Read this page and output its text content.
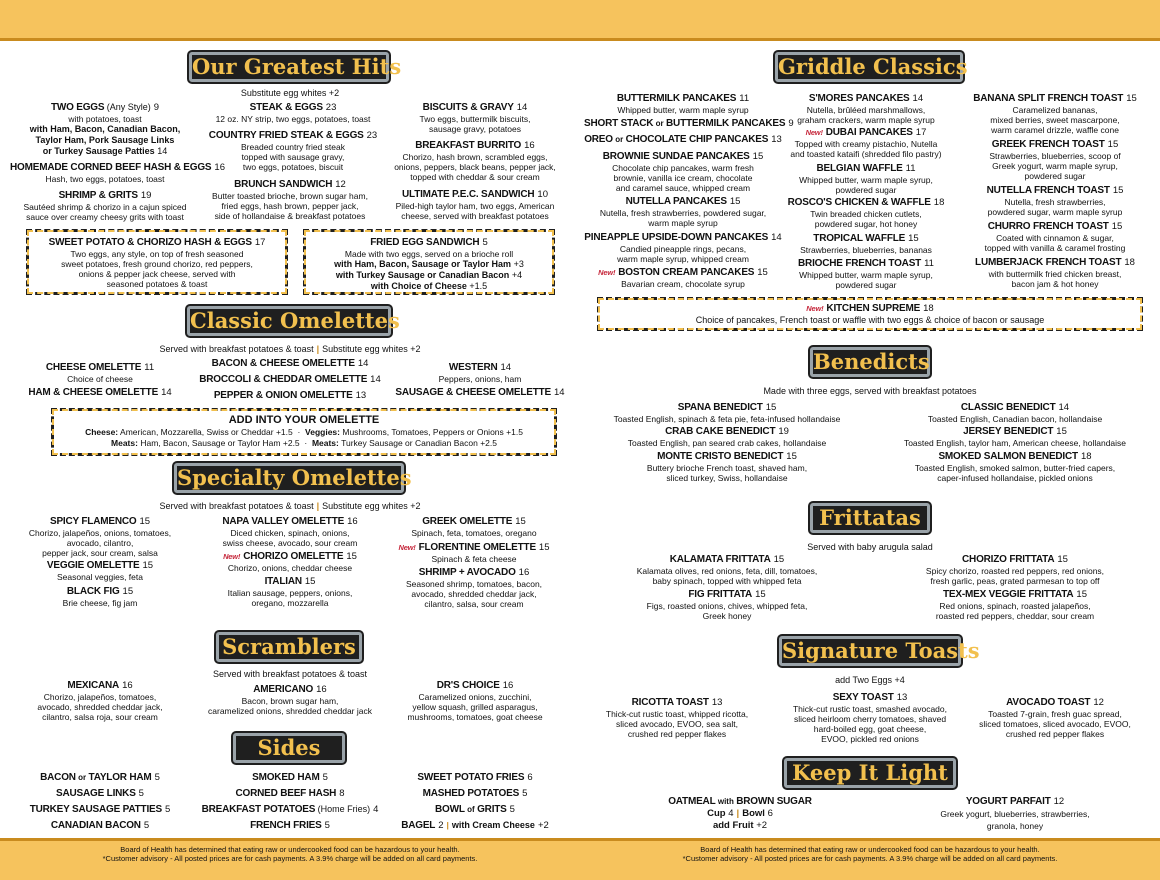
Our Greatest Hits
Substitute egg whites +2
TWO EGGS (Any Style) 9
with potatoes, toast
with Ham, Bacon, Canadian Bacon,
Taylor Ham, Pork Sausage Links
or Turkey Sausage Patties 14
HOMEMADE CORNED BEEF HASH & EGGS 16
Hash, two eggs, potatoes, toast
SHRIMP & GRITS 19
Sautéed shrimp & chorizo in a cajun spiced
sauce over creamy cheesy grits with toast
STEAK & EGGS 23
12 oz. NY strip, two eggs, potatoes, toast
COUNTRY FRIED STEAK & EGGS 23
Breaded country fried steak
topped with sausage gravy,
two eggs, potatoes, biscuit
BRUNCH SANDWICH 12
Butter toasted brioche, brown sugar ham,
fried eggs, hash brown, pepper jack,
side of hollandaise & breakfast potatoes
BISCUITS & GRAVY 14
Two eggs, buttermilk biscuits,
sausage gravy, potatoes
BREAKFAST BURRITO 16
Chorizo, hash brown, scrambled eggs,
onions, peppers, black beans, pepper jack,
topped with cheddar & sour cream
ULTIMATE P.E.C. SANDWICH 10
Piled-high taylor ham, two eggs, American
cheese, served with breakfast potatoes
SWEET POTATO & CHORIZO HASH & EGGS 17
Two eggs, any style, on top of fresh seasoned
sweet potatoes, fresh ground chorizo, red peppers,
onions & pepper jack cheese, served with
seasoned potatoes & toast
FRIED EGG SANDWICH 5
Made with two eggs, served on a brioche roll
with Ham, Bacon, Sausage or Taylor Ham +3
with Turkey Sausage or Canadian Bacon +4
with Choice of Cheese +1.5
Classic Omelettes
Served with breakfast potatoes & toast | Substitute egg whites +2
CHEESE OMELETTE 11
Choice of cheese
HAM & CHEESE OMELETTE 14
BACON & CHEESE OMELETTE 14
BROCCOLI & CHEDDAR OMELETTE 14
PEPPER & ONION OMELETTE 13
WESTERN 14
Peppers, onions, ham
SAUSAGE & CHEESE OMELETTE 14
ADD INTO YOUR OMELETTE
Cheese: American, Mozzarella, Swiss or Cheddar +1.5  ·  Veggies: Mushrooms, Tomatoes, Peppers or Onions +1.5
Meats: Ham, Bacon, Sausage or Taylor Ham +2.5  ·  Meats: Turkey Sausage or Canadian Bacon +2.5
Specialty Omelettes
Served with breakfast potatoes & toast | Substitute egg whites +2
SPICY FLAMENCO 15
Chorizo, jalapeños, onions, tomatoes,
avocado, cilantro,
pepper jack, sour cream, salsa
VEGGIE OMELETTE 15
Seasonal veggies, feta
BLACK FIG 15
Brie cheese, fig jam
NAPA VALLEY OMELETTE 16
Diced chicken, spinach, onions,
swiss cheese, avocado, sour cream
New! CHORIZO OMELETTE 15
Chorizo, onions, cheddar cheese
ITALIAN 15
Italian sausage, peppers, onions,
oregano, mozzarella
GREEK OMELETTE 15
Spinach, feta, tomatoes, oregano
New! FLORENTINE OMELETTE 15
Spinach & feta cheese
SHRIMP + AVOCADO 16
Seasoned shrimp, tomatoes, bacon,
avocado, shredded cheddar jack,
cilantro, salsa, sour cream
Scramblers
Served with breakfast potatoes & toast
MEXICANA 16
Chorizo, jalapeños, tomatoes,
avocado, shredded cheddar jack,
cilantro, salsa roja, sour cream
AMERICANO 16
Bacon, brown sugar ham,
caramelized onions, shredded cheddar jack
DR'S CHOICE 16
Caramelized onions, zucchini,
yellow squash, grilled asparagus,
mushrooms, tomatoes, goat cheese
Sides
BACON or TAYLOR HAM 5
SAUSAGE LINKS 5
TURKEY SAUSAGE PATTIES 5
CANADIAN BACON 5
SMOKED HAM 5
CORNED BEEF HASH 8
BREAKFAST POTATOES (Home Fries) 4
FRENCH FRIES 5
SWEET POTATO FRIES 6
MASHED POTATOES 5
BOWL of GRITS 5
BAGEL 2 | with Cream Cheese +2
Griddle Classics
BUTTERMILK PANCAKES 11
Whipped butter, warm maple syrup
SHORT STACK or BUTTERMILK PANCAKES 9
OREO or CHOCOLATE CHIP PANCAKES 13
BROWNIE SUNDAE PANCAKES 15
Chocolate chip pancakes, warm fresh
brownie, vanilla ice cream, chocolate
and caramel sauce, whipped cream
NUTELLA PANCAKES 15
Nutella, fresh strawberries, powdered sugar,
warm maple syrup
PINEAPPLE UPSIDE-DOWN PANCAKES 14
Candied pineapple rings, pecans,
warm maple syrup, whipped cream
New! BOSTON CREAM PANCAKES 15
Bavarian cream, chocolate syrup
S'MORES PANCAKES 14
Nutella, brûléed marshmallows,
graham crackers, warm maple syrup
New! DUBAI PANCAKES 17
Topped with creamy pistachio, Nutella
and toasted kataifi (shredded filo pastry)
BELGIAN WAFFLE 11
Whipped butter, warm maple syrup,
powdered sugar
ROSCO'S CHICKEN & WAFFLE 18
Twin breaded chicken cutlets,
powdered sugar, hot honey
TROPICAL WAFFLE 15
Strawberries, blueberries, bananas
BRIOCHE FRENCH TOAST 11
Whipped butter, warm maple syrup,
powdered sugar
BANANA SPLIT FRENCH TOAST 15
Caramelized bananas,
mixed berries, sweet mascarpone,
warm caramel drizzle, waffle cone
GREEK FRENCH TOAST 15
Strawberries, blueberries, scoop of
Greek yogurt, warm maple syrup,
powdered sugar
NUTELLA FRENCH TOAST 15
Nutella, fresh strawberries,
powdered sugar, warm maple syrup
CHURRO FRENCH TOAST 15
Coated with cinnamon & sugar,
topped with vanilla & caramel frosting
LUMBERJACK FRENCH TOAST 18
with buttermilk fried chicken breast,
bacon jam & hot honey
New! KITCHEN SUPREME 18
Choice of pancakes, French toast or waffle with two eggs & choice of bacon or sausage
Benedicts
Made with three eggs, served with breakfast potatoes
SPANA BENEDICT 15
Toasted English, spinach & feta pie, feta-infused hollandaise
CRAB CAKE BENEDICT 19
Toasted English, pan seared crab cakes, hollandaise
MONTE CRISTO BENEDICT 15
Buttery brioche French toast, shaved ham,
sliced turkey, Swiss, hollandaise
CLASSIC BENEDICT 14
Toasted English, Canadian bacon, hollandaise
JERSEY BENEDICT 15
Toasted English, taylor ham, American cheese, hollandaise
SMOKED SALMON BENEDICT 18
Toasted English, smoked salmon, butter-fried capers,
caper-infused hollandaise, pickled onions
Frittatas
Served with baby arugula salad
KALAMATA FRITTATA 15
Kalamata olives, red onions, feta, dill, tomatoes,
baby spinach, topped with whipped feta
FIG FRITTATA 15
Figs, roasted onions, chives, whipped feta,
Greek honey
CHORIZO FRITTATA 15
Spicy chorizo, roasted red peppers, red onions,
fresh garlic, peas, grated parmesan to top off
TEX-MEX VEGGIE FRITTATA 15
Red onions, spinach, roasted jalapeños,
roasted red peppers, cheddar, sour cream
Signature Toasts
add Two Eggs +4
RICOTTA TOAST 13
Thick-cut rustic toast, whipped ricotta,
sliced avocado, EVOO, sea salt,
crushed red pepper flakes
SEXY TOAST 13
Thick-cut rustic toast, smashed avocado,
sliced heirloom cherry tomatoes, shaved
hard-boiled egg, goat cheese,
EVOO, pickled red onions
AVOCADO TOAST 12
Toasted 7-grain, fresh guac spread,
sliced tomatoes, sliced avocado, EVOO,
crushed red pepper flakes
Keep It Light
OATMEAL with BROWN SUGAR
Cup 4 | Bowl 6
add Fruit +2
YOGURT PARFAIT 12
Greek yogurt, blueberries, strawberries,
granola, honey
Board of Health has determined that eating raw or undercooked food can be hazardous to your health.
*Customer advisory - All posted prices are for cash payments. A 3.9% charge will be added on all card payments.
Board of Health has determined that eating raw or undercooked food can be hazardous to your health.
*Customer advisory - All posted prices are for cash payments. A 3.9% charge will be added on all card payments.
